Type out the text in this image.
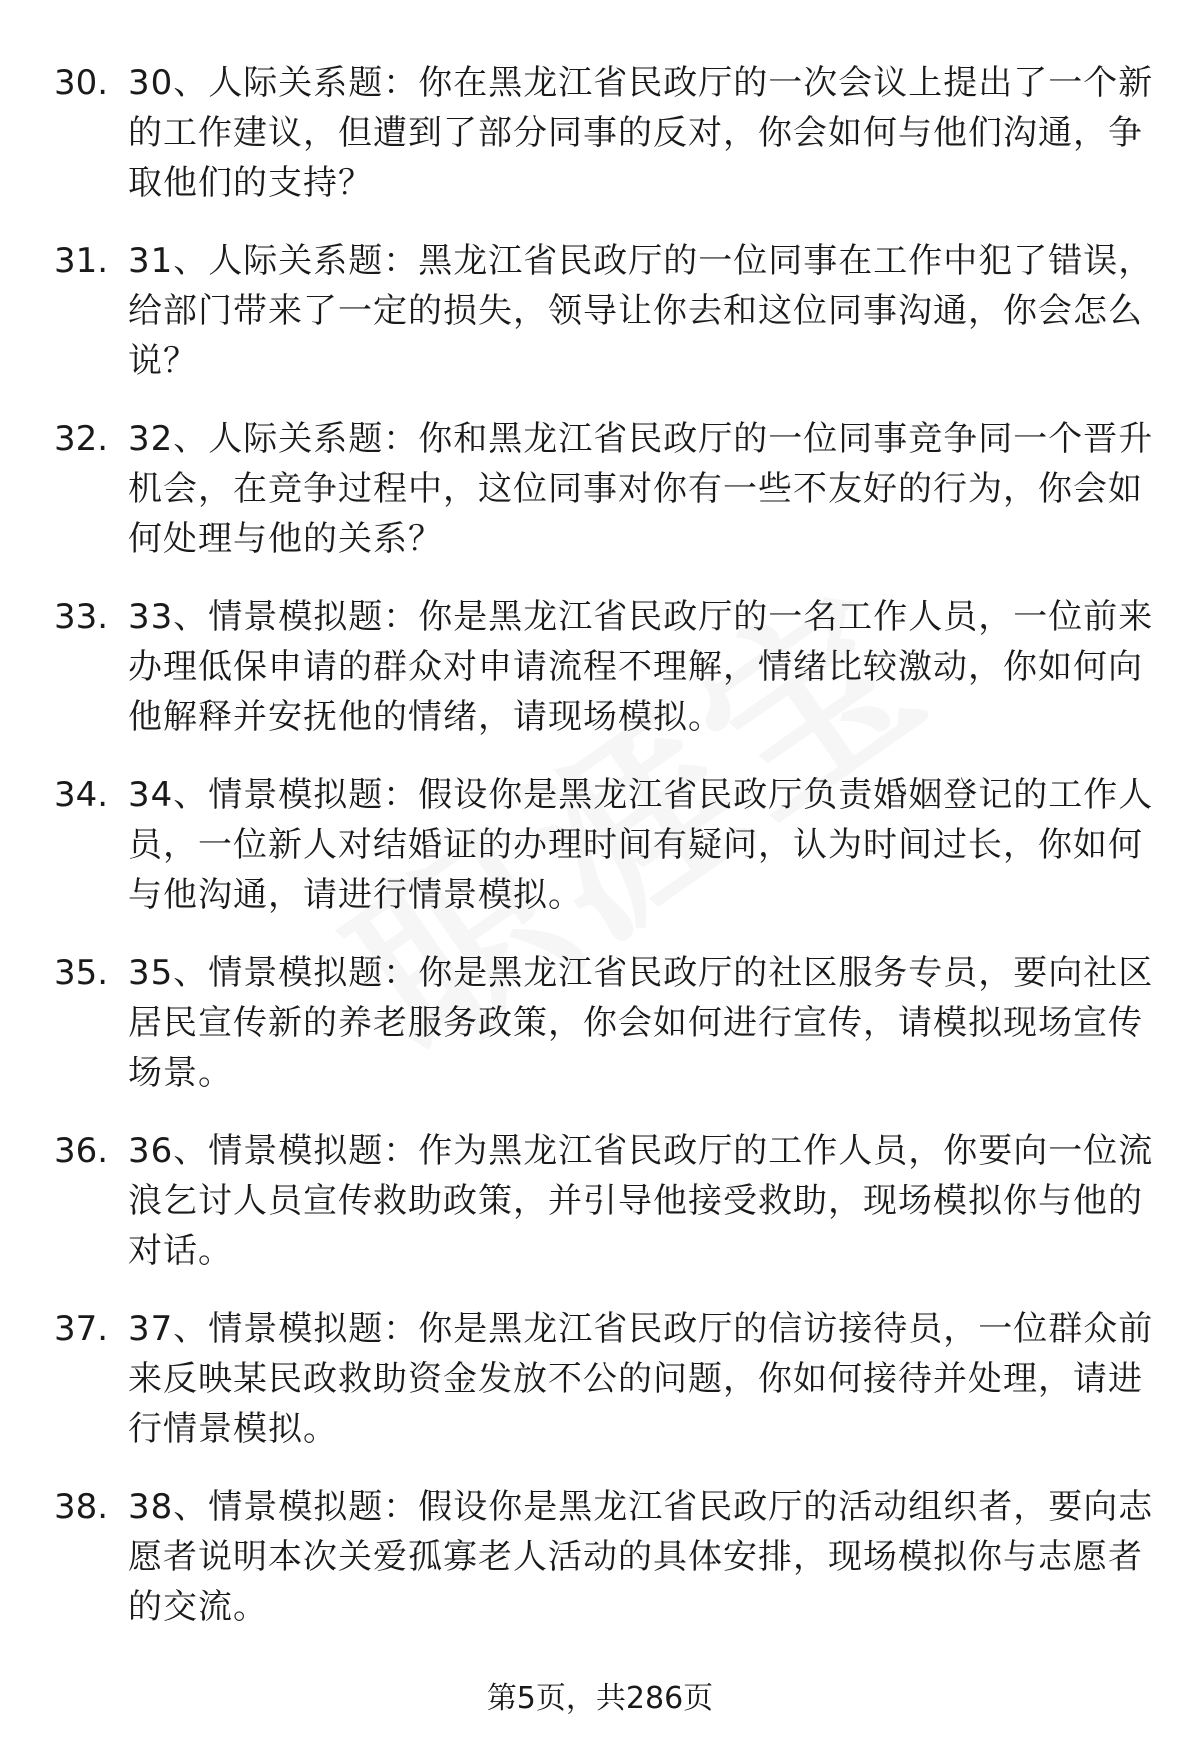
30. 30、人际关系题：你在黑龙江省民政厅的一次会议上提出了一个新的工作建议，但遭到了部分同事的反对，你会如何与他们沟通，争取他们的支持？
31. 31、人际关系题：黑龙江省民政厅的一位同事在工作中犯了错误，给部门带来了一定的损失，领导让你去和这位同事沟通，你会怎么说？
32. 32、人际关系题：你和黑龙江省民政厅的一位同事竞争同一个晋升机会，在竞争过程中，这位同事对你有一些不友好的行为，你会如何处理与他的关系？
33. 33、情景模拟题：你是黑龙江省民政厅的一名工作人员，一位前来办理低保申请的群众对申请流程不理解，情绪比较激动，你如何向他解释并安抚他的情绪，请现场模拟。
34. 34、情景模拟题：假设你是黑龙江省民政厅负责婚姻登记的工作人员，一位新人对结婚证的办理时间有疑问，认为时间过长，你如何与他沟通，请进行情景模拟。
35. 35、情景模拟题：你是黑龙江省民政厅的社区服务专员，要向社区居民宣传新的养老服务政策，你会如何进行宣传，请模拟现场宣传场景。
36. 36、情景模拟题：作为黑龙江省民政厅的工作人员，你要向一位流浪乞讨人员宣传救助政策，并引导他接受救助，现场模拟你与他的对话。
37. 37、情景模拟题：你是黑龙江省民政厅的信访接待员，一位群众前来反映某民政救助资金发放不公的问题，你如何接待并处理，请进行情景模拟。
38. 38、情景模拟题：假设你是黑龙江省民政厅的活动组织者，要向志愿者说明本次关爱孤寡老人活动的具体安排，现场模拟你与志愿者的交流。
第5页，共286页
